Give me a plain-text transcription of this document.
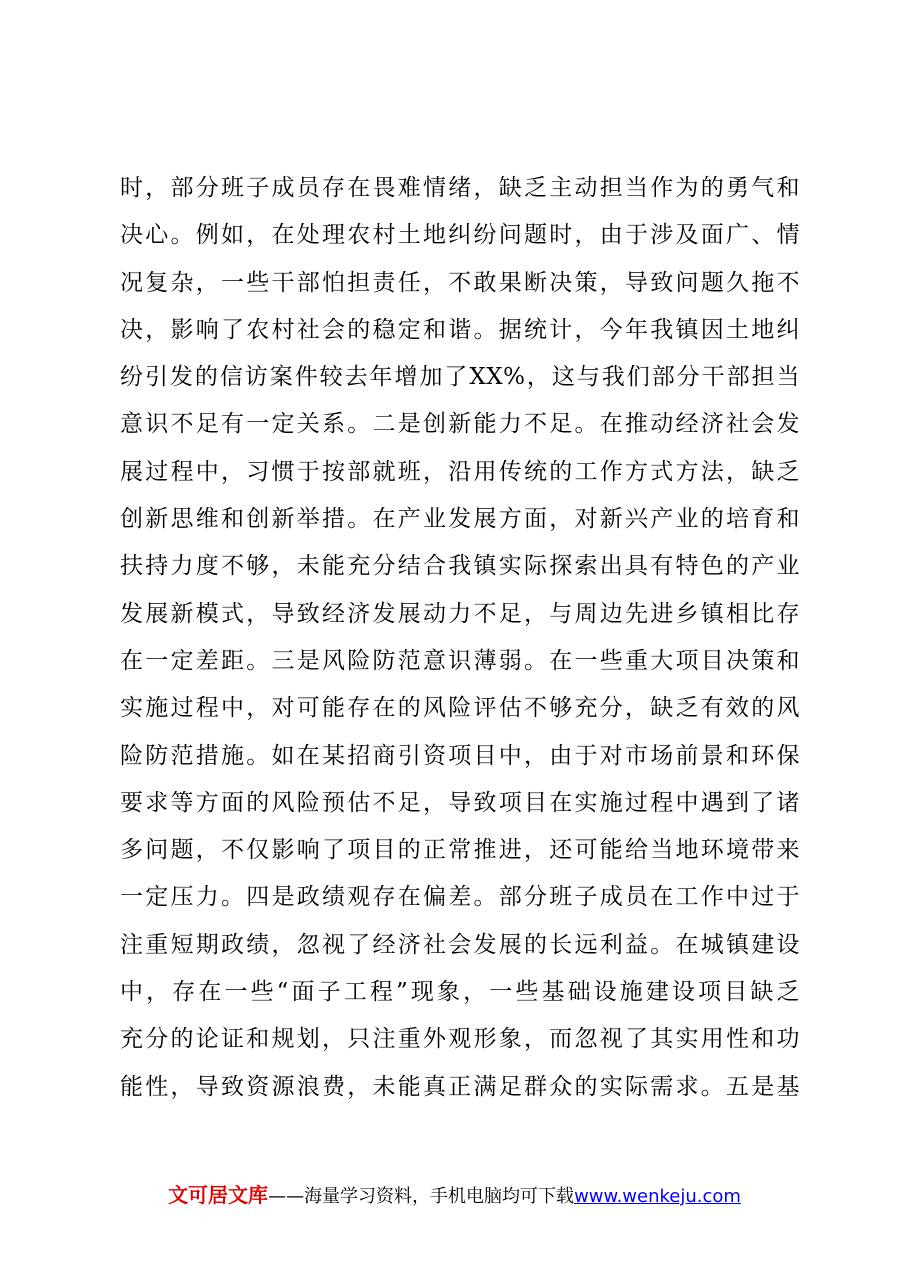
时，部分班子成员存在畏难情绪，缺乏主动担当作为的勇气和
决心。例如，在处理农村土地纠纷问题时，由于涉及面广、情
况复杂，一些干部怕担责任，不敢果断决策，导致问题久拖不
决，影响了农村社会的稳定和谐。据统计，今年我镇因土地纠
纷引发的信访案件较去年增加了XX%，这与我们部分干部担当
意识不足有一定关系。二是创新能力不足。在推动经济社会发
展过程中，习惯于按部就班，沿用传统的工作方式方法，缺乏
创新思维和创新举措。在产业发展方面，对新兴产业的培育和
扶持力度不够，未能充分结合我镇实际探索出具有特色的产业
发展新模式，导致经济发展动力不足，与周边先进乡镇相比存
在一定差距。三是风险防范意识薄弱。在一些重大项目决策和
实施过程中，对可能存在的风险评估不够充分，缺乏有效的风
险防范措施。如在某招商引资项目中，由于对市场前景和环保
要求等方面的风险预估不足，导致项目在实施过程中遇到了诸
多问题，不仅影响了项目的正常推进，还可能给当地环境带来
一定压力。四是政绩观存在偏差。部分班子成员在工作中过于
注重短期政绩，忽视了经济社会发展的长远利益。在城镇建设
中，存在一些“面子工程”现象，一些基础设施建设项目缺乏
充分的论证和规划，只注重外观形象，而忽视了其实用性和功
能性，导致资源浪费，未能真正满足群众的实际需求。五是基
文可居文库——海量学习资料，手机电脑均可下载www.wenkeju.com
